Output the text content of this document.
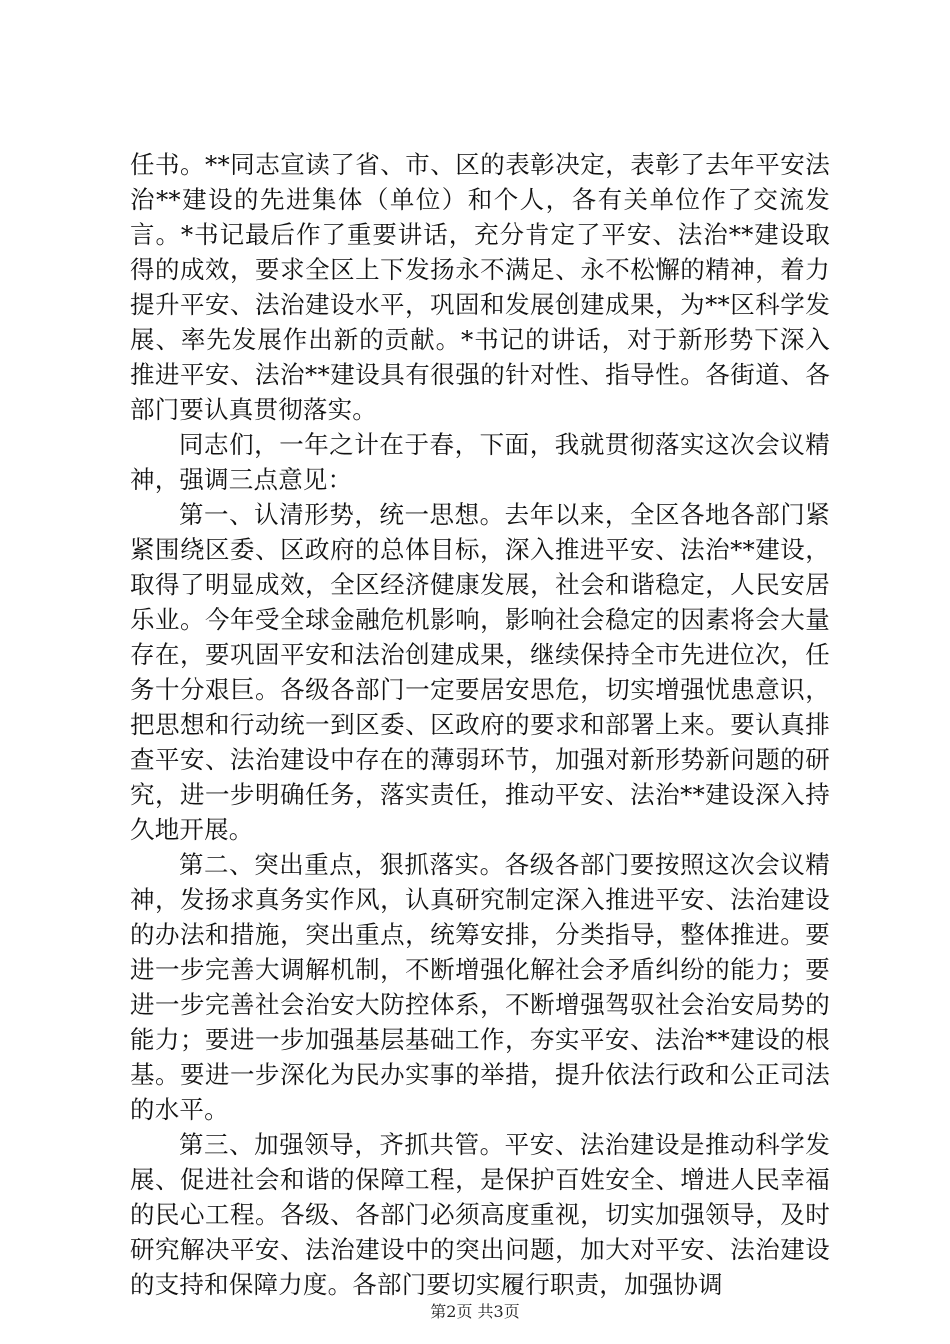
任书。**同志宣读了省、市、区的表彰决定，表彰了去年平安法治**建设的先进集体（单位）和个人，各有关单位作了交流发言。*书记最后作了重要讲话，充分肯定了平安、法治**建设取得的成效，要求全区上下发扬永不满足、永不松懈的精神，着力提升平安、法治建设水平，巩固和发展创建成果，为**区科学发展、率先发展作出新的贡献。*书记的讲话，对于新形势下深入推进平安、法治**建设具有很强的针对性、指导性。各街道、各部门要认真贯彻落实。

同志们，一年之计在于春，下面，我就贯彻落实这次会议精神，强调三点意见：

第一、认清形势，统一思想。去年以来，全区各地各部门紧紧围绕区委、区政府的总体目标，深入推进平安、法治**建设，取得了明显成效，全区经济健康发展，社会和谐稳定，人民安居乐业。今年受全球金融危机影响，影响社会稳定的因素将会大量存在，要巩固平安和法治创建成果，继续保持全市先进位次，任务十分艰巨。各级各部门一定要居安思危，切实增强忧患意识，把思想和行动统一到区委、区政府的要求和部署上来。要认真排查平安、法治建设中存在的薄弱环节，加强对新形势新问题的研究，进一步明确任务，落实责任，推动平安、法治**建设深入持久地开展。

第二、突出重点，狠抓落实。各级各部门要按照这次会议精神，发扬求真务实作风，认真研究制定深入推进平安、法治建设的办法和措施，突出重点，统筹安排，分类指导，整体推进。要进一步完善大调解机制，不断增强化解社会矛盾纠纷的能力；要进一步完善社会治安大防控体系，不断增强驾驭社会治安局势的能力；要进一步加强基层基础工作，夯实平安、法治**建设的根基。要进一步深化为民办实事的举措，提升依法行政和公正司法的水平。

第三、加强领导，齐抓共管。平安、法治建设是推动科学发展、促进社会和谐的保障工程，是保护百姓安全、增进人民幸福的民心工程。各级、各部门必须高度重视，切实加强领导，及时研究解决平安、法治建设中的突出问题，加大对平安、法治建设的支持和保障力度。各部门要切实履行职责，加强协调

第2页 共3页
